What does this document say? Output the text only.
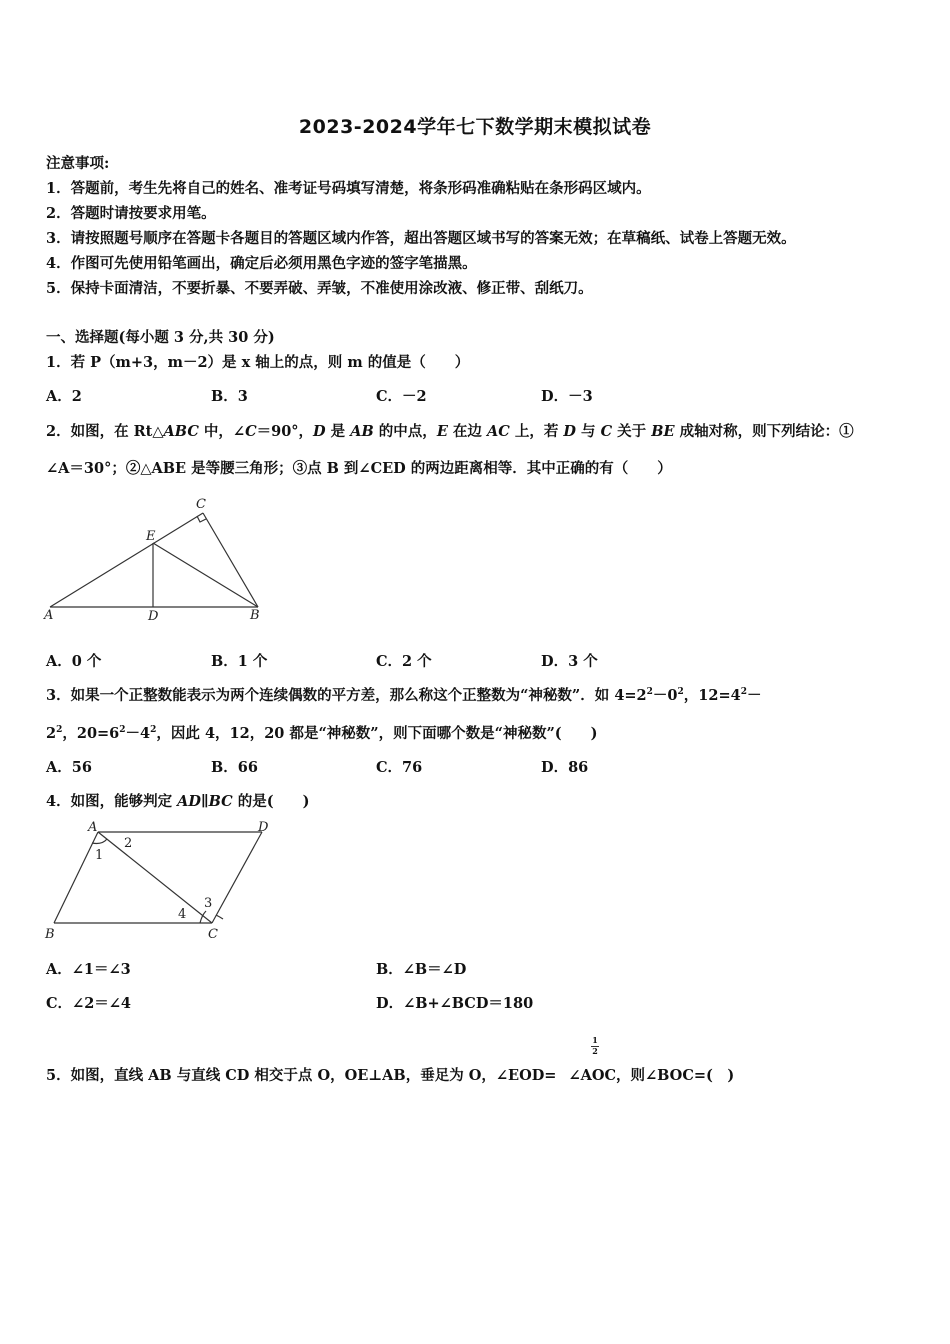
2023-2024学年七下数学期末模拟试卷
注意事项:
1．答题前，考生先将自己的姓名、准考证号码填写清楚，将条形码准确粘贴在条形码区域内。
2．答题时请按要求用笔。
3．请按照题号顺序在答题卡各题目的答题区域内作答，超出答题区域书写的答案无效；在草稿纸、试卷上答题无效。
4．作图可先使用铅笔画出，确定后必须用黑色字迹的签字笔描黑。
5．保持卡面清洁，不要折暴、不要弄破、弄皱，不准使用涂改液、修正带、刮纸刀。
一、选择题(每小题 3 分,共 30 分)
1．若 P（m+3，m－2）是 x 轴上的点，则 m 的值是（　　）
A．2	B．3	C．－2	D．－3
2．如图，在 Rt△ABC 中，∠C＝90°，D 是 AB 的中点，E 在边 AC 上，若 D 与 C 关于 BE 成轴对称，则下列结论：①
∠A＝30°；②△ABE 是等腰三角形；③点 B 到∠CED 的两边距离相等．其中正确的有（　　）
C
E
A	D	B
A．0 个	B．1 个	C．2 个	D．3 个
3．如果一个正整数能表示为两个连续偶数的平方差，那么称这个正整数为“神秘数”．如 $4=2^2-0^2$，$12=4^2-$
$2^2$，$20=6^2-4^2$，因此 4，12，20 都是“神秘数”，则下面哪个数是“神秘数”(　　)
A．56	B．66	C．76	D．86
4．如图，能够判定 AD∥BC 的是(　　)
A	D
B	C
1
2
3
4
A．∠1＝∠3	B．∠B＝∠D
C．∠2＝∠4	D．∠B+∠BCD＝180
1
2
5．如图，直线 AB 与直线 CD 相交于点 O，OE⊥AB，垂足为 O，∠EOD= ∠AOC，则∠BOC=(　)
